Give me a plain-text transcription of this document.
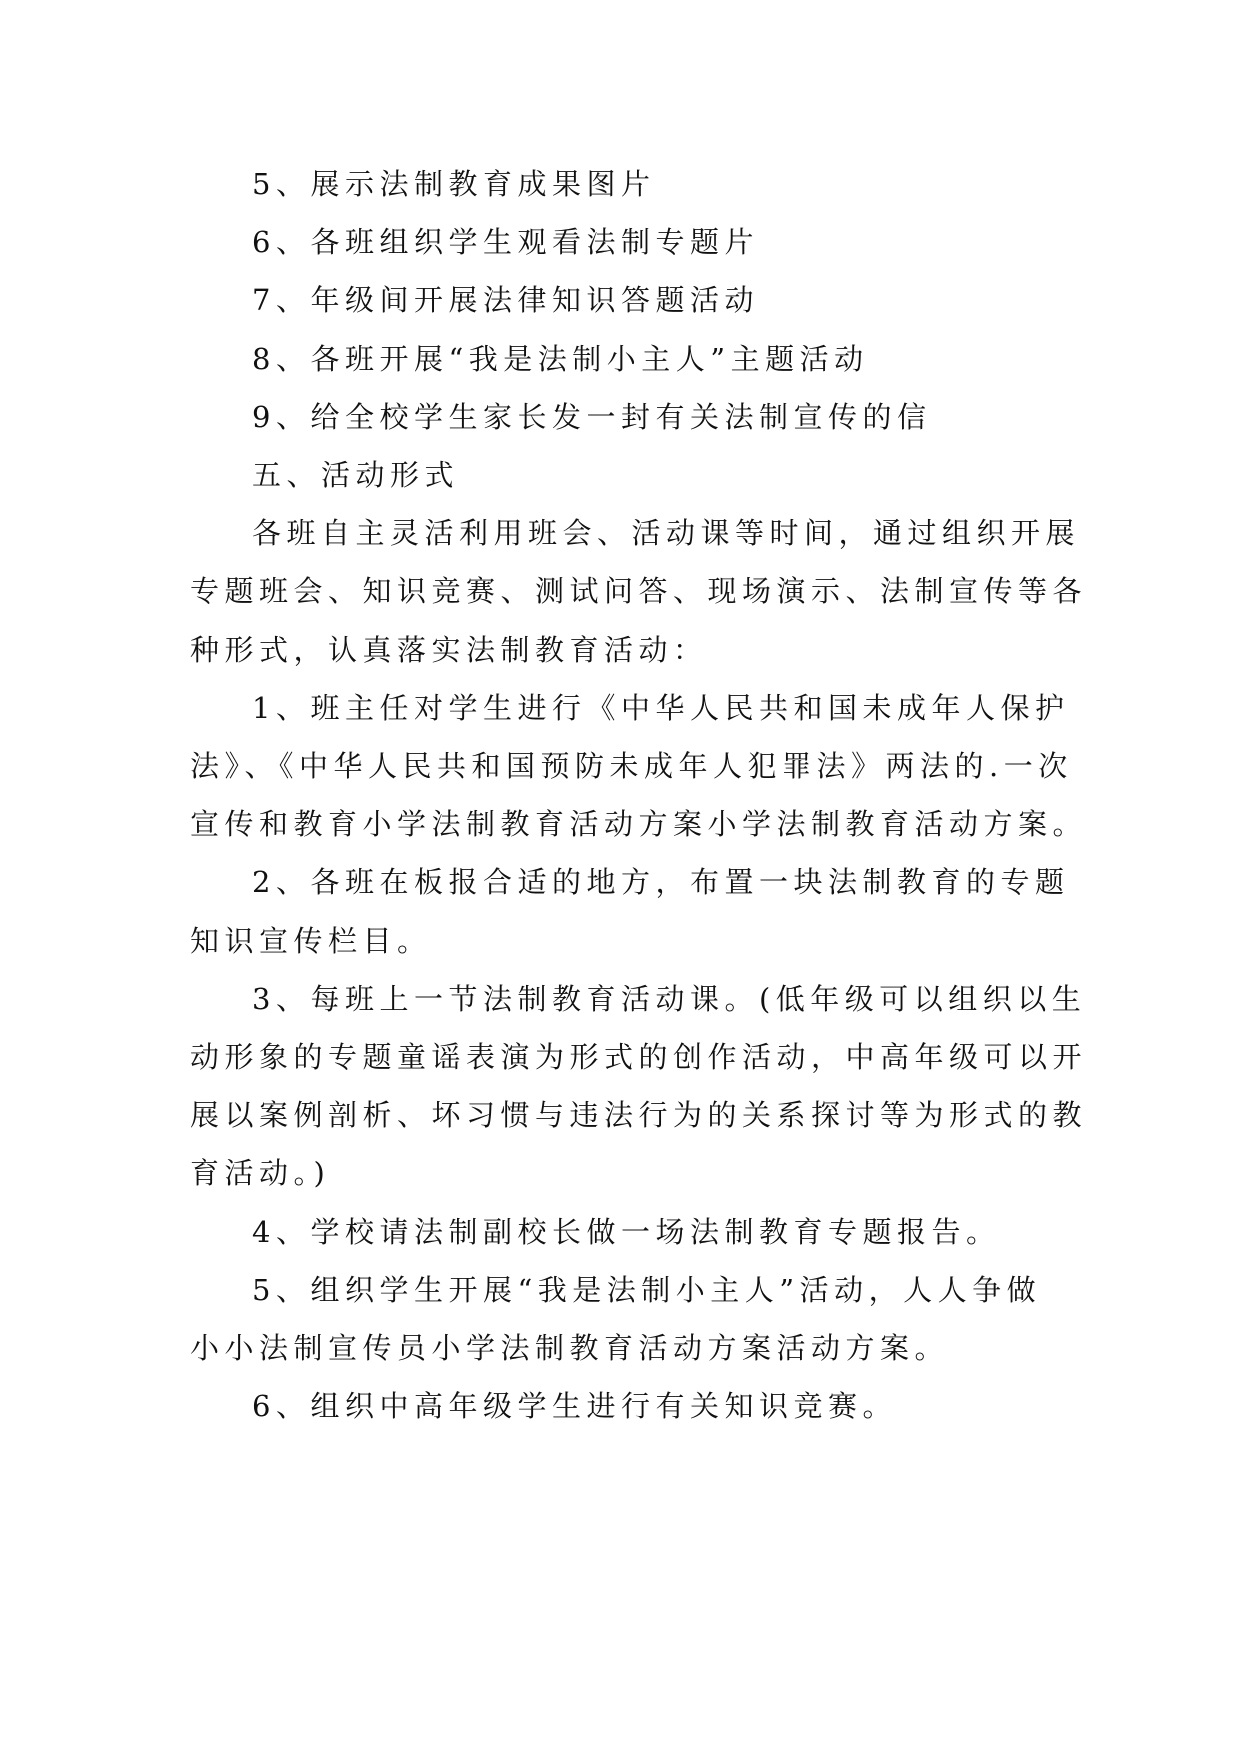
5、展示法制教育成果图片

6、各班组织学生观看法制专题片

7、年级间开展法律知识答题活动

8、各班开展“我是法制小主人”主题活动

9、给全校学生家长发一封有关法制宣传的信

五、活动形式

各班自主灵活利用班会、活动课等时间，通过组织开展

专题班会、知识竞赛、测试问答、现场演示、法制宣传等各

种形式，认真落实法制教育活动：

1、班主任对学生进行《中华人民共和国未成年人保护

法》、《中华人民共和国预防未成年人犯罪法》两法的.一次

宣传和教育小学法制教育活动方案小学法制教育活动方案。

2、各班在板报合适的地方，布置一块法制教育的专题

知识宣传栏目。

3、每班上一节法制教育活动课。(低年级可以组织以生

动形象的专题童谣表演为形式的创作活动，中高年级可以开

展以案例剖析、坏习惯与违法行为的关系探讨等为形式的教

育活动。)

4、学校请法制副校长做一场法制教育专题报告。

5、组织学生开展“我是法制小主人”活动，人人争做

小小法制宣传员小学法制教育活动方案活动方案。

6、组织中高年级学生进行有关知识竞赛。
